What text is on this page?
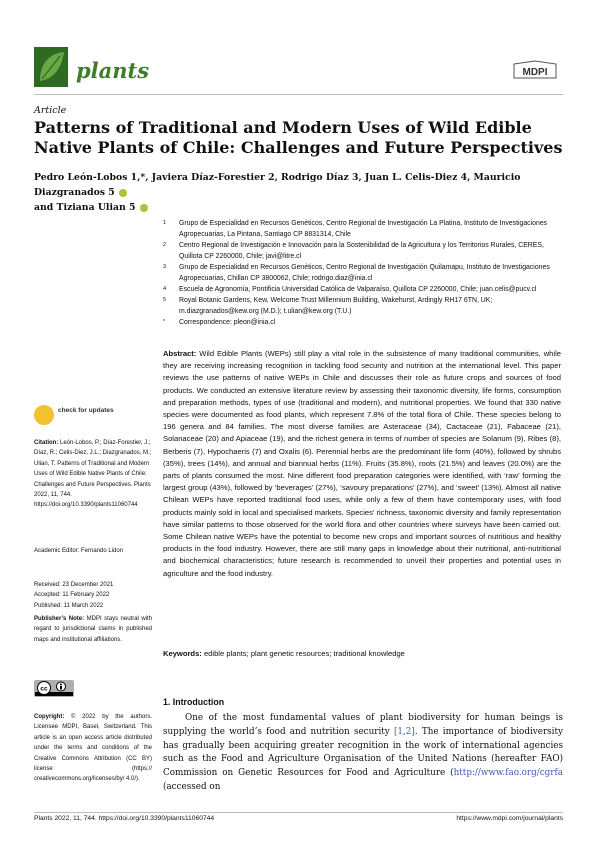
plants	MDPI
Article
Patterns of Traditional and Modern Uses of Wild Edible Native Plants of Chile: Challenges and Future Perspectives
Pedro León-Lobos 1,*, Javiera Díaz-Forestier 2, Rodrigo Díaz 3, Juan L. Celis-Diez 4, Mauricio Diazgranados 5
and Tiziana Ulian 5
1 Grupo de Especialidad en Recursos Genéticos, Centro Regional de Investigación La Platina, Instituto de Investigaciones Agropecuarias, La Pintana, Santiago CP 8831314, Chile
2 Centro Regional de Investigación e Innovación para la Sostenibilidad de la Agricultura y los Territorios Rurales, CERES, Quillota CP 2260000, Chile; javi@litre.cl
3 Grupo de Especialidad en Recursos Genéticos, Centro Regional de Investigación Quilamapu, Instituto de Investigaciones Agropecuarias, Chillan CP 3800062, Chile; rodrigo.diaz@inia.cl
4 Escuela de Agronomía, Pontificia Universidad Católica de Valparaíso, Quillota CP 2260000, Chile; juan.celis@pucv.cl
5 Royal Botanic Gardens, Kew, Welcome Trust Millennium Building, Wakehurst, Ardingly RH17 6TN, UK; m.diazgranados@kew.org (M.D.); t.ulian@kew.org (T.U.)
* Correspondence: pleon@inia.cl
Abstract: Wild Edible Plants (WEPs) still play a vital role in the subsistence of many traditional communities, while they are receiving increasing recognition in tackling food security and nutrition at the international level. This paper reviews the use patterns of native WEPs in Chile and discusses their role as future crops and sources of food products. We conducted an extensive literature review by assessing their taxonomic diversity, life forms, consumption and preparation methods, types of use (traditional and modern), and nutritional properties. We found that 330 native species were documented as food plants, which represent 7.8% of the total flora of Chile. These species belong to 196 genera and 84 families. The most diverse families are Asteraceae (34), Cactaceae (21), Fabaceae (21), Solanaceae (20) and Apiaceae (19), and the richest genera in terms of number of species are Solanum (9), Ribes (8), Berberis (7), Hypochaeris (7) and Oxalis (6). Perennial herbs are the predominant life form (40%), followed by shrubs (35%), trees (14%), and annual and biannual herbs (11%). Fruits (35.8%), roots (21.5%) and leaves (20.0%) are the parts of plants consumed the most. Nine different food preparation categories were identified, with ‘raw’ forming the largest group (43%), followed by ‘beverages’ (27%), ‘savoury preparations’ (27%), and ‘sweet’ (13%). Almost all native Chilean WEPs have reported traditional food uses, while only a few of them have contemporary uses, with food products mainly sold in local and specialised markets. Species’ richness, taxonomic diversity and family representation have similar patterns to those observed for the world flora and other countries where surveys have been carried out. Some Chilean native WEPs have the potential to become new crops and important sources of nutritious and healthy products in the food industry. However, there are still many gaps in knowledge about their nutritional, anti-nutritional and biochemical characteristics; future research is recommended to unveil their properties and potential uses in agriculture and the food industry.
Keywords: edible plants; plant genetic resources; traditional knowledge
check for updates
Citation: León-Lobos, P.; Díaz-Forestier, J.; Díaz, R.; Celis-Diez, J.L.; Diazgranados, M.; Ulian, T. Patterns of Traditional and Modern Uses of Wild Edible Native Plants of Chile: Challenges and Future Perspectives. Plants 2022, 11, 744. https://doi.org/10.3390/plants11060744
Academic Editor: Fernando Lidon
Received: 23 December 2021
Accepted: 11 February 2022
Published: 11 March 2022
Publisher’s Note: MDPI stays neutral with regard to jurisdictional claims in published maps and institutional affiliations.
cc
Copyright: © 2022 by the authors. Licensee MDPI, Basel, Switzerland. This article is an open access article distributed under the terms and conditions of the Creative Commons Attribution (CC BY) license (https:// creativecommons.org/licenses/by/ 4.0/).
1. Introduction
One of the most fundamental values of plant biodiversity for human beings is supplying the world’s food and nutrition security [1,2]. The importance of biodiversity has gradually been acquiring greater recognition in the work of international agencies such as the Food and Agriculture Organisation of the United Nations (hereafter FAO) Commission on Genetic Resources for Food and Agriculture (http://www.fao.org/cgrfa (accessed on
Plants 2022, 11, 744. https://doi.org/10.3390/plants11060744	https://www.mdpi.com/journal/plants
